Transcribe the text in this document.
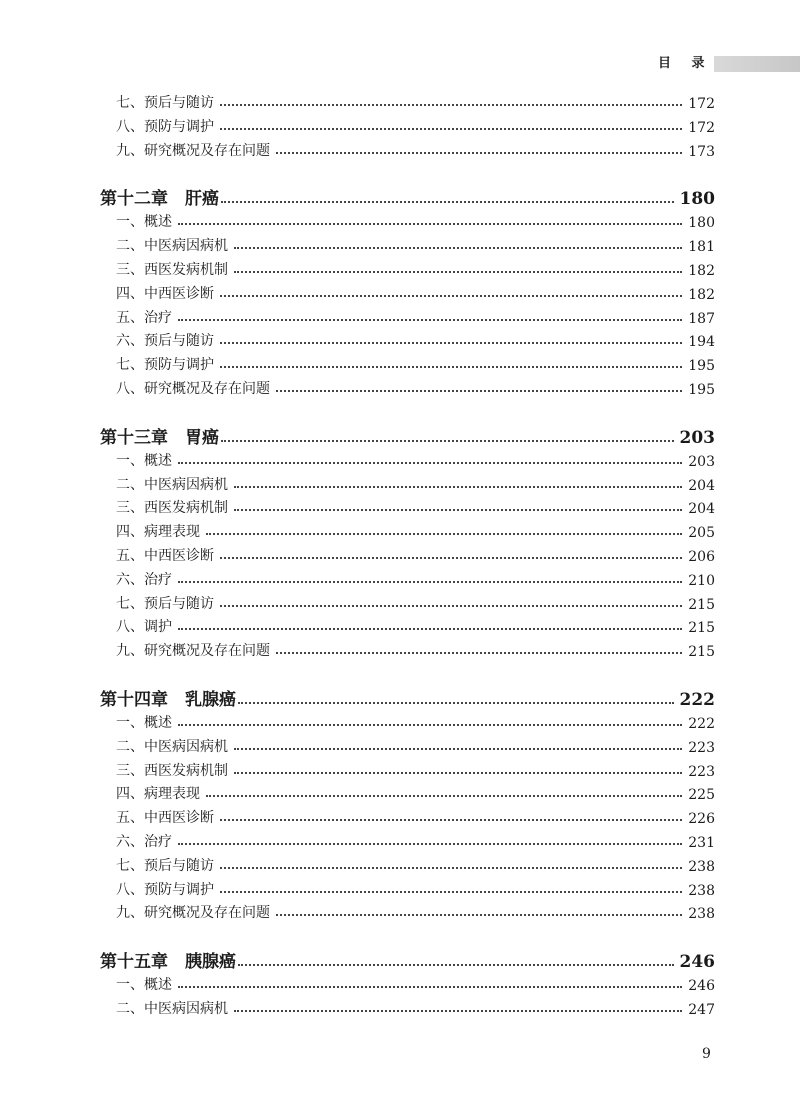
目 录
七、预后与随访	172
八、预防与调护	172
九、研究概况及存在问题	173
第十二章　肝癌	180
一、概述	180
二、中医病因病机	181
三、西医发病机制	182
四、中西医诊断	182
五、治疗	187
六、预后与随访	194
七、预防与调护	195
八、研究概况及存在问题	195
第十三章　胃癌	203
一、概述	203
二、中医病因病机	204
三、西医发病机制	204
四、病理表现	205
五、中西医诊断	206
六、治疗	210
七、预后与随访	215
八、调护	215
九、研究概况及存在问题	215
第十四章　乳腺癌	222
一、概述	222
二、中医病因病机	223
三、西医发病机制	223
四、病理表现	225
五、中西医诊断	226
六、治疗	231
七、预后与随访	238
八、预防与调护	238
九、研究概况及存在问题	238
第十五章　胰腺癌	246
一、概述	246
二、中医病因病机	247
9
